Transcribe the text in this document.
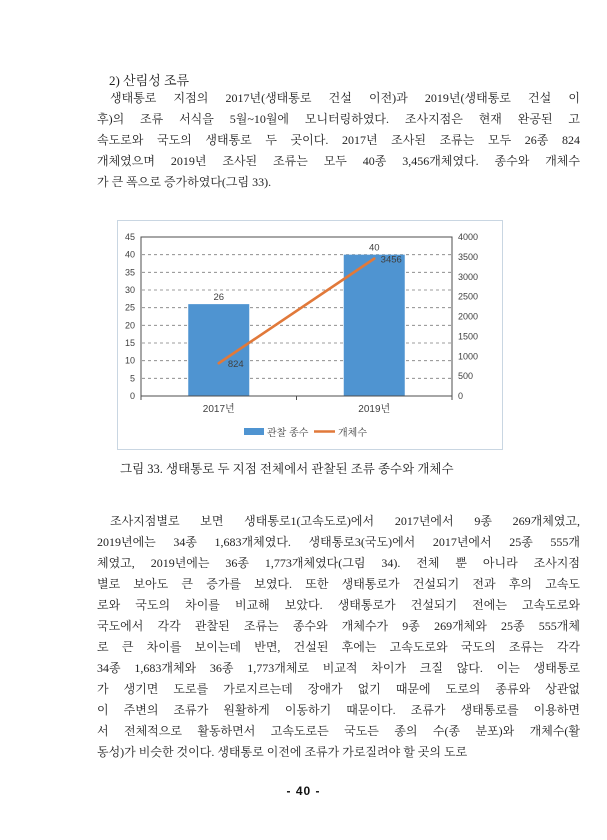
2) 산림성 조류
생태통로 지점의 2017년(생태통로 건설 이전)과 2019년(생태통로 건설 이
후)의 조류 서식을 5월~10월에 모니터링하였다. 조사지점은 현재 완공된 고
속도로와 국도의 생태통로 두 곳이다. 2017년 조사된 조류는 모두 26종 824
개체였으며 2019년 조사된 조류는 모두 40종 3,456개체였다. 종수와 개체수
가 큰 폭으로 증가하였다(그림 33).
26
40
824
3456
0
5
10
15
20
25
30
35
40
45
0
500
1000
1500
2000
2500
3000
3500
4000
2017년	2019년
관찰 종수	개체수
그림 33. 생태통로 두 지점 전체에서 관찰된 조류 종수와 개체수
조사지점별로 보면 생태통로1(고속도로)에서 2017년에서 9종 269개체였고,
2019년에는 34종 1,683개체였다. 생태통로3(국도)에서 2017년에서 25종 555개
체였고, 2019년에는 36종 1,773개체였다(그림 34). 전체 뿐 아니라 조사지점
별로 보아도 큰 증가를 보였다. 또한 생태통로가 건설되기 전과 후의 고속도
로와 국도의 차이를 비교해 보았다. 생태통로가 건설되기 전에는 고속도로와
국도에서 각각 관찰된 조류는 종수와 개체수가 9종 269개체와 25종 555개체
로 큰 차이를 보이는데 반면, 건설된 후에는 고속도로와 국도의 조류는 각각
34종 1,683개체와 36종 1,773개체로 비교적 차이가 크질 않다. 이는 생태통로
가 생기면 도로를 가로지르는데 장애가 없기 때문에 도로의 종류와 상관없
이 주변의 조류가 원활하게 이동하기 때문이다. 조류가 생태통로를 이용하면
서 전체적으로 활동하면서 고속도로든 국도든 종의 수(종 분포)와 개체수(활
동성)가 비슷한 것이다. 생태통로 이전에 조류가 가로질려야 할 곳의 도로
- 40 -
